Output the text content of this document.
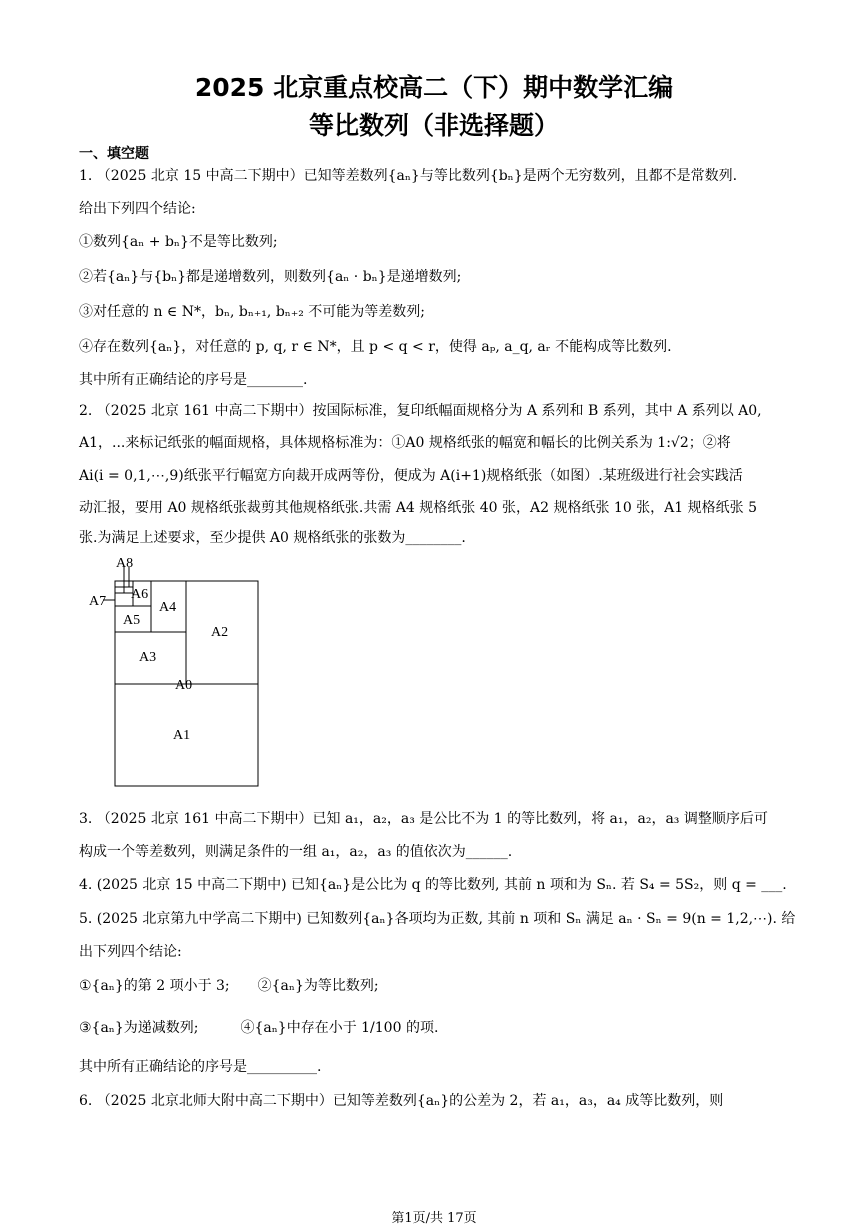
2025 北京重点校高二（下）期中数学汇编
等比数列（非选择题）
一、填空题
1. （2025 北京 15 中高二下期中）已知等差数列{aₙ}与等比数列{bₙ}是两个无穷数列，且都不是常数列.
给出下列四个结论:
①数列{aₙ + bₙ}不是等比数列;
②若{aₙ}与{bₙ}都是递增数列，则数列{aₙ · bₙ}是递增数列;
③对任意的 n ∈ N*，bₙ, bₙ₊₁, bₙ₊₂ 不可能为等差数列;
④存在数列{aₙ}，对任意的 p, q, r ∈ N*，且 p < q < r，使得 aₚ, a_q, aᵣ 不能构成等比数列.
其中所有正确结论的序号是________.
2. （2025 北京 161 中高二下期中）按国际标准，复印纸幅面规格分为 A 系列和 B 系列，其中 A 系列以 A0,
A1，...来标记纸张的幅面规格，具体规格标准为：①A0 规格纸张的幅宽和幅长的比例关系为 1:√2；②将
Ai(i = 0,1,⋯,9)纸张平行幅宽方向裁开成两等份，便成为 A(i+1)规格纸张（如图）.某班级进行社会实践活
动汇报，要用 A0 规格纸张裁剪其他规格纸张.共需 A4 规格纸张 40 张，A2 规格纸张 10 张，A1 规格纸张 5
张.为满足上述要求，至少提供 A0 规格纸张的张数为________.
A8
A7 A6
A4
A5
A2
A3
A0
A1
3. （2025 北京 161 中高二下期中）已知 a₁，a₂，a₃ 是公比不为 1 的等比数列，将 a₁，a₂，a₃ 调整顺序后可
构成一个等差数列，则满足条件的一组 a₁，a₂，a₃ 的值依次为______.
4. (2025 北京 15 中高二下期中) 已知{aₙ}是公比为 q 的等比数列, 其前 n 项和为 Sₙ. 若 S₄ = 5S₂，则 q = ___.
5. (2025 北京第九中学高二下期中) 已知数列{aₙ}各项均为正数, 其前 n 项和 Sₙ 满足 aₙ · Sₙ = 9(n = 1,2,⋯). 给
出下列四个结论:
①{aₙ}的第 2 项小于 3;　　②{aₙ}为等比数列;
③{aₙ}为递减数列;　　　④{aₙ}中存在小于 1/100 的项.
其中所有正确结论的序号是__________.
6. （2025 北京北师大附中高二下期中）已知等差数列{aₙ}的公差为 2，若 a₁，a₃，a₄ 成等比数列，则
第1页/共 17页
